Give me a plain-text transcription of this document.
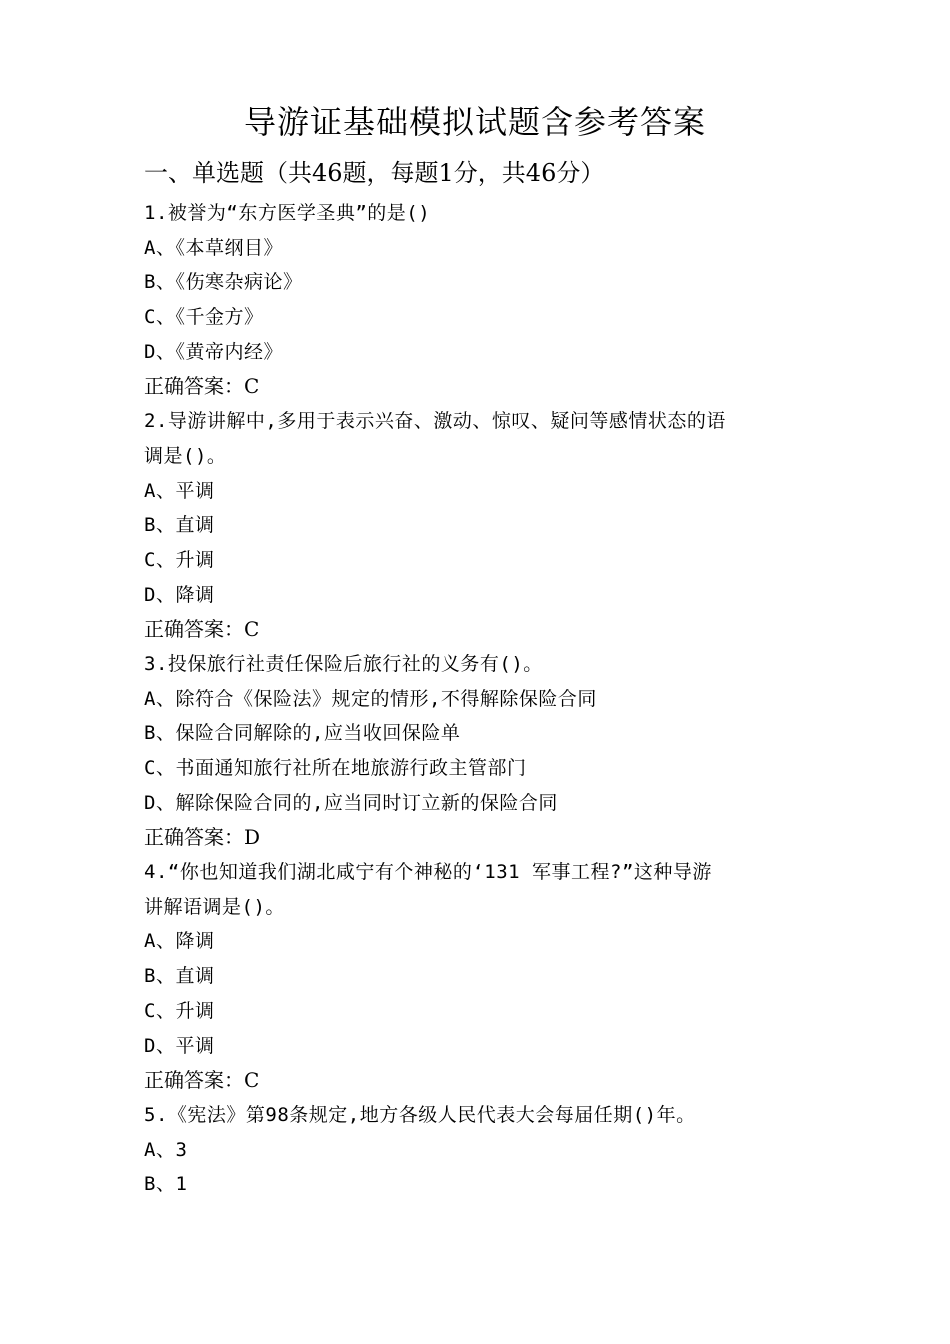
导游证基础模拟试题含参考答案
一、单选题（共46题，每题1分，共46分）
1.被誉为“东方医学圣典”的是()
A、《本草纲目》
B、《伤寒杂病论》
C、《千金方》
D、《黄帝内经》
正确答案：C
2.导游讲解中,多用于表示兴奋、激动、惊叹、疑问等感情状态的语
调是()。
A、平调
B、直调
C、升调
D、降调
正确答案：C
3.投保旅行社责任保险后旅行社的义务有()。
A、除符合《保险法》规定的情形,不得解除保险合同
B、保险合同解除的,应当收回保险单
C、书面通知旅行社所在地旅游行政主管部门
D、解除保险合同的,应当同时订立新的保险合同
正确答案：D
4.“你也知道我们湖北咸宁有个神秘的‘131 军事工程?”这种导游
讲解语调是()。
A、降调
B、直调
C、升调
D、平调
正确答案：C
5.《宪法》第98条规定,地方各级人民代表大会每届任期()年。
A、3
B、1
